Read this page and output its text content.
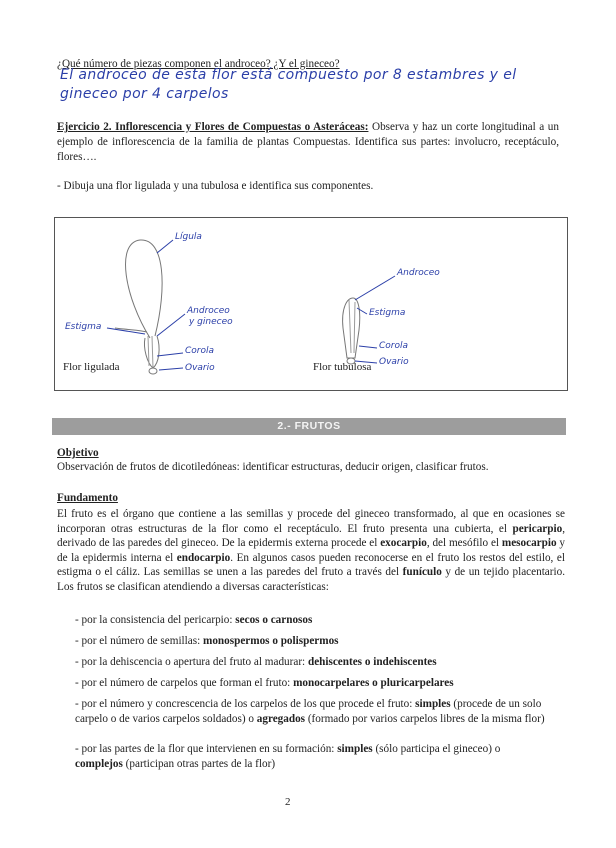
¿Qué número de piezas componen el androceo? ¿Y el gineceo?
El androceo de esta flor está compuesto por 8 estambres y el
gineceo por 4 carpelos
Ejercicio 2. Inflorescencia y Flores de Compuestas o Asteráceas: Observa y haz un corte longitudinal a un ejemplo de inflorescencia de la familia de plantas Compuestas. Identifica sus partes: involucro, receptáculo, flores….
- Dibuja una flor ligulada y una tubulosa e identifica sus componentes.
Lígula
Androceo
y gineceo
Estigma
Corola
Ovario
Androceo
Estigma
Corola
Ovario
Flor ligulada	Flor tubulosa
2.- FRUTOS
Objetivo
Observación de frutos de dicotiledóneas: identificar estructuras, deducir origen, clasificar frutos.
Fundamento
El fruto es el órgano que contiene a las semillas y procede del gineceo transformado, al que en ocasiones se incorporan otras estructuras de la flor como el receptáculo. El fruto presenta una cubierta, el pericarpio, derivado de las paredes del gineceo. De la epidermis externa procede el exocarpio, del mesófilo el mesocarpio y de la epidermis interna el endocarpio. En algunos casos pueden reconocerse en el fruto los restos del estilo, el estigma o el cáliz. Las semillas se unen a las paredes del fruto a través del funículo y de un tejido placentario. Los frutos se clasifican atendiendo a diversas características:
- por la consistencia del pericarpio: secos o carnosos
- por el número de semillas: monospermos o polispermos
- por la dehiscencia o apertura del fruto al madurar: dehiscentes o indehiscentes
- por el número de carpelos que forman el fruto: monocarpelares o pluricarpelares
- por el número y concrescencia de los carpelos de los que procede el fruto: simples (procede de un solo carpelo o de varios carpelos soldados) o agregados (formado por varios carpelos libres de la misma flor)
- por las partes de la flor que intervienen en su formación: simples (sólo participa el gineceo) o complejos (participan otras partes de la flor)
2
